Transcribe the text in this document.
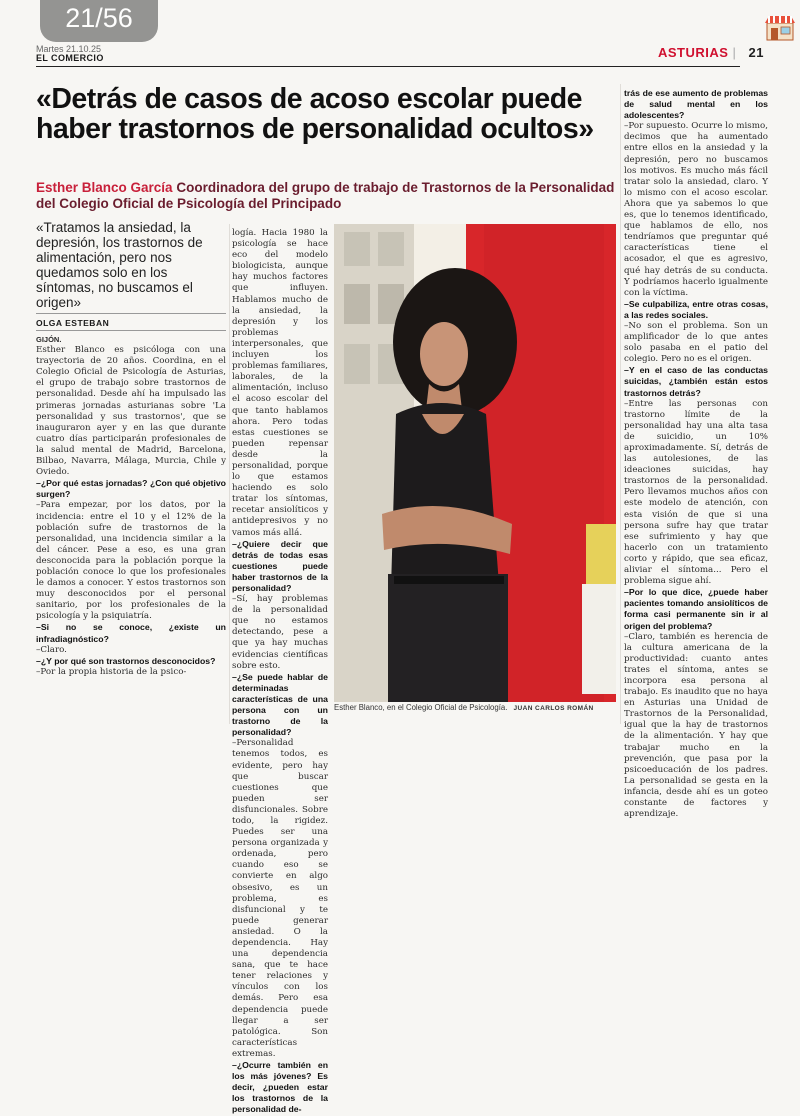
21/56
Martes 21.10.25
EL COMERCIO	ASTURIAS | 21
«Detrás de casos de acoso escolar puede haber trastornos de personalidad ocultos»
Esther Blanco García Coordinadora del grupo de trabajo de Trastornos de la Personalidad del Colegio Oficial de Psicología del Principado
«Tratamos la ansiedad, la depresión, los trastornos de alimentación, pero nos quedamos solo en los síntomas, no buscamos el origen»
OLGA ESTEBAN

GIJÓN.

Esther Blanco es psicóloga con una trayectoria de 20 años. Coordina, en el Colegio Oficial de Psicología de Asturias, el grupo de trabajo sobre trastornos de personalidad. Desde ahí ha impulsado las primeras jornadas asturianas sobre 'La personalidad y sus trastornos', que se inauguraron ayer y en las que durante cuatro días participarán profesionales de la salud mental de Madrid, Barcelona, Bilbao, Navarra, Málaga, Murcia, Chile y Oviedo.

–¿Por qué estas jornadas? ¿Con qué objetivo surgen?

–Para empezar, por los datos, por la incidencia: entre el 10 y el 12% de la población sufre de trastornos de la personalidad, una incidencia similar a la del cáncer. Pese a eso, es una gran desconocida para la población porque la población conoce lo que los profesionales le damos a conocer. Y estos trastornos son muy desconocidos por el personal sanitario, por los profesionales de la psicología y la psiquiatría.

–Si no se conoce, ¿existe un infradiagnóstico?

–Claro.

–¿Y por qué son trastornos desconocidos?

–Por la propia historia de la psico-

logía. Hacia 1980 la psicología se hace eco del modelo biologicista, aunque hay muchos factores que influyen. Hablamos mucho de la ansiedad, la depresión y los problemas interpersonales, que incluyen los problemas familiares, laborales, de la alimentación, incluso el acoso escolar del que tanto hablamos ahora. Pero todas estas cuestiones se pueden repensar desde la personalidad, porque lo que estamos haciendo es solo tratar los síntomas, recetar ansiolíticos y antidepresivos y no vamos más allá.

–¿Quiere decir que detrás de todas esas cuestiones puede haber trastornos de la personalidad?

–Sí, hay problemas de la personalidad que no estamos detectando, pese a que ya hay muchas evidencias científicas sobre esto.

–¿Se puede hablar de determinadas características de una persona con un trastorno de la personalidad?

–Personalidad tenemos todos, es evidente, pero hay que buscar cuestiones que pueden ser disfuncionales. Sobre todo, la rigidez. Puedes ser una persona organizada y ordenada, pero cuando eso se convierte en algo obsesivo, es un problema, es disfuncional y te puede generar ansiedad. O la dependencia. Hay una dependencia sana, que te hace tener relaciones y vínculos con los demás. Pero esa dependencia puede llegar a ser patológica. Son características extremas.

–¿Ocurre también en los más jóvenes? Es decir, ¿pueden estar los trastornos de la personalidad de-

trás de ese aumento de problemas de salud mental en los adolescentes?

–Por supuesto. Ocurre lo mismo, decimos que ha aumentado entre ellos en la ansiedad y la depresión, pero no buscamos los motivos. Es mucho más fácil tratar solo la ansiedad, claro. Y lo mismo con el acoso escolar. Ahora que ya sabemos lo que es, que lo tenemos identificado, que hablamos de ello, nos tendríamos que preguntar qué características tiene el acosador, el que es agresivo, qué hay detrás de su conducta. Y podríamos hacerlo igualmente con la víctima.

–Se culpabiliza, entre otras cosas, a las redes sociales.

–No son el problema. Son un amplificador de lo que antes solo pasaba en el patio del colegio. Pero no es el origen.

–Y en el caso de las conductas suicidas, ¿también están estos trastornos detrás?

–Entre las personas con trastorno límite de la personalidad hay una alta tasa de suicidio, un 10% aproximadamente. Sí, detrás de las autolesiones, de las ideaciones suicidas, hay trastornos de la personalidad. Pero llevamos muchos años con este modelo de atención, con esta visión de que si una persona sufre hay que tratar ese sufrimiento y hay que hacerlo con un tratamiento corto y rápido, que sea eficaz, aliviar el síntoma... Pero el problema sigue ahí.

–Por lo que dice, ¿puede haber pacientes tomando ansiolíticos de forma casi permanente sin ir al origen del problema?

–Claro, también es herencia de la cultura americana de la productividad: cuanto antes trates el síntoma, antes se incorpora esa persona al trabajo. Es inaudito que no haya en Asturias una Unidad de Trastornos de la Personalidad, igual que la hay de trastornos de la alimentación. Y hay que trabajar mucho en la prevención, que pasa por la psicoeducación de los padres. La personalidad se gesta en la infancia, desde ahí es un goteo constante de factores y aprendizaje.

Esther Blanco, en el Colegio Oficial de Psicología. JUAN CARLOS ROMÁN
